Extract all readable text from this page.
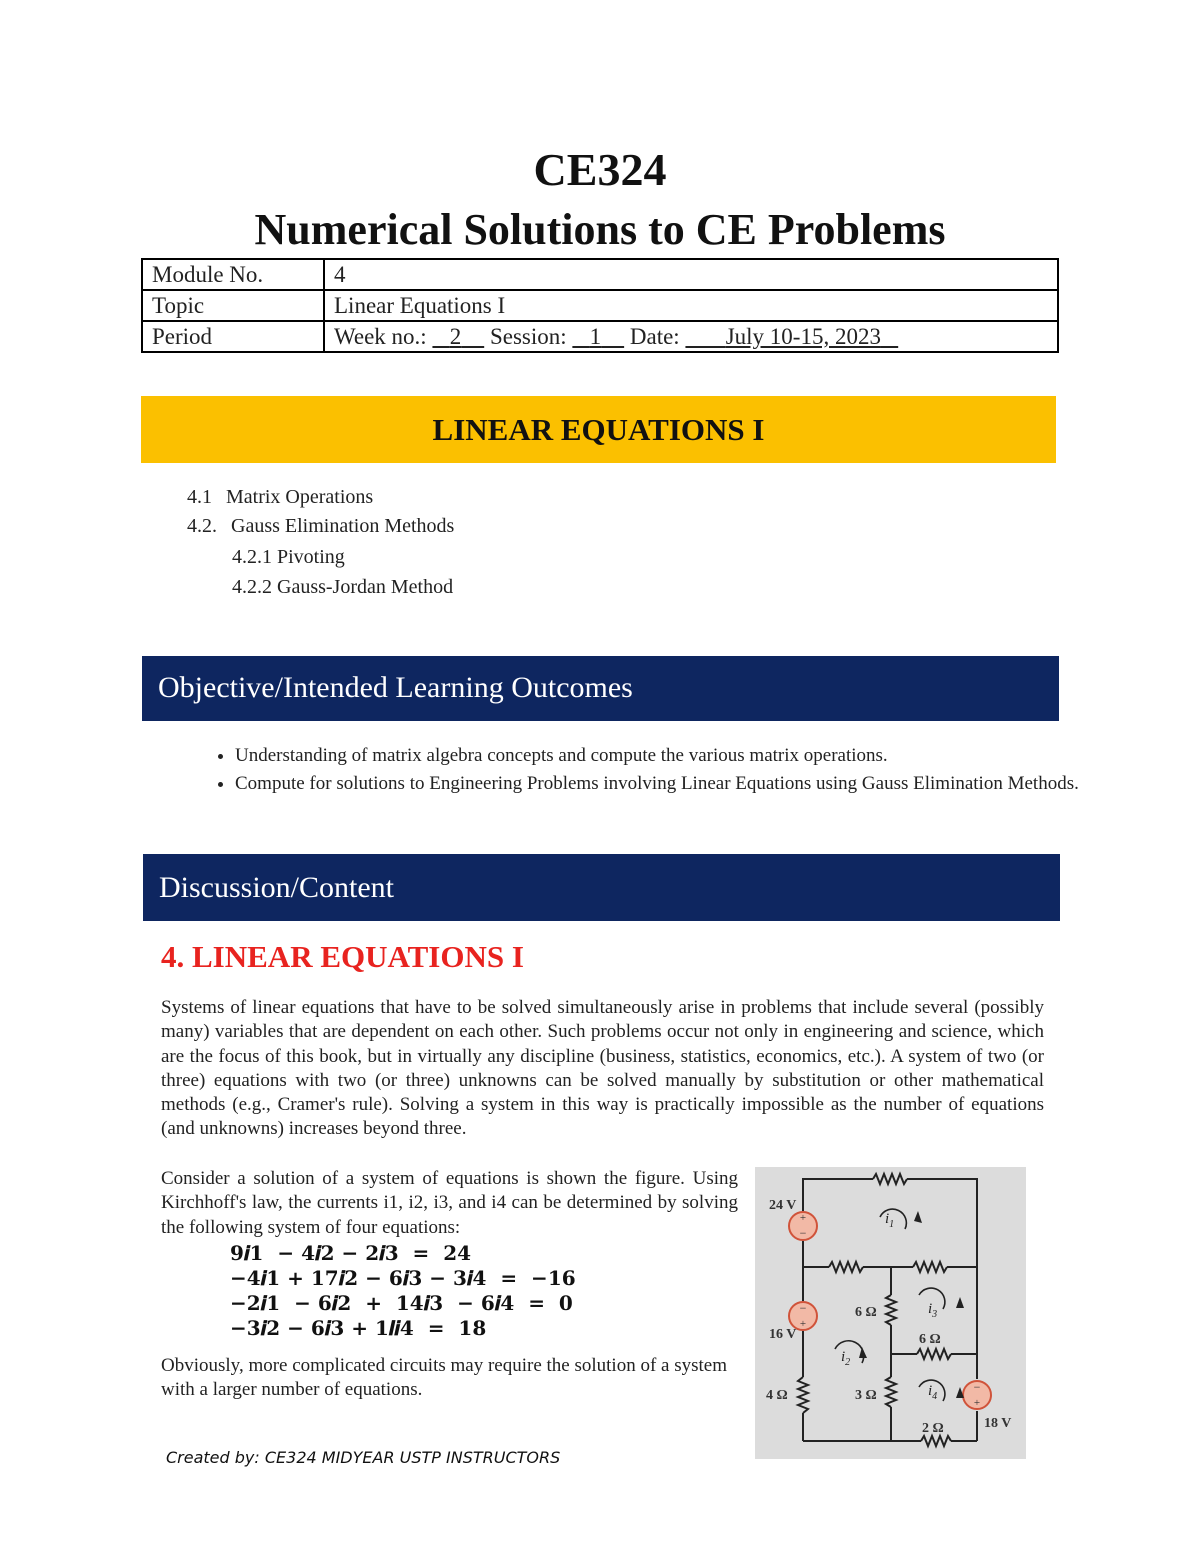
CE324
Numerical Solutions to CE Problems
Module No.	4
Topic	Linear Equations I
Period	Week no.: 2 Session: 1 Date: July 10-15, 2023
LINEAR EQUATIONS I
4.1 Matrix Operations
4.2. Gauss Elimination Methods
4.2.1 Pivoting
4.2.2 Gauss-Jordan Method
Objective/Intended Learning Outcomes
• Understanding of matrix algebra concepts and compute the various matrix operations.
• Compute for solutions to Engineering Problems involving Linear Equations using Gauss Elimination Methods.
Discussion/Content
4. LINEAR EQUATIONS I
Systems of linear equations that have to be solved simultaneously arise in problems that include several (possibly many) variables that are dependent on each other. Such problems occur not only in engineering and science, which are the focus of this book, but in virtually any discipline (business, statistics, economics, etc.). A system of two (or three) equations with two (or three) unknowns can be solved manually by substitution or other mathematical methods (e.g., Cramer's rule). Solving a system in this way is practically impossible as the number of equations (and unknowns) increases beyond three.
Consider a solution of a system of equations is shown the figure. Using Kirchhoff's law, the currents i1, i2, i3, and i4 can be determined by solving the following system of four equations:
9𝒊1  − 4𝒊2 − 2𝒊3  =  24
−4𝒊1 + 17𝒊2 − 6𝒊3 − 3𝒊4  =  −16
−2𝒊1  − 6𝒊2  +  14𝒊3  − 6𝒊4  =  0
−3𝒊2 − 6𝒊3 + 1𝒍𝒊4  =  18
Obviously, more complicated circuits may require the solution of a system with a larger number of equations.
+
−
−
+
−
+
24 V
16 V
18 V
6 Ω
6 Ω
3 Ω
4 Ω
2 Ω
$i_1$
$i_2$
$i_3$
$i_4$
Created by: CE324 MIDYEAR USTP INSTRUCTORS
